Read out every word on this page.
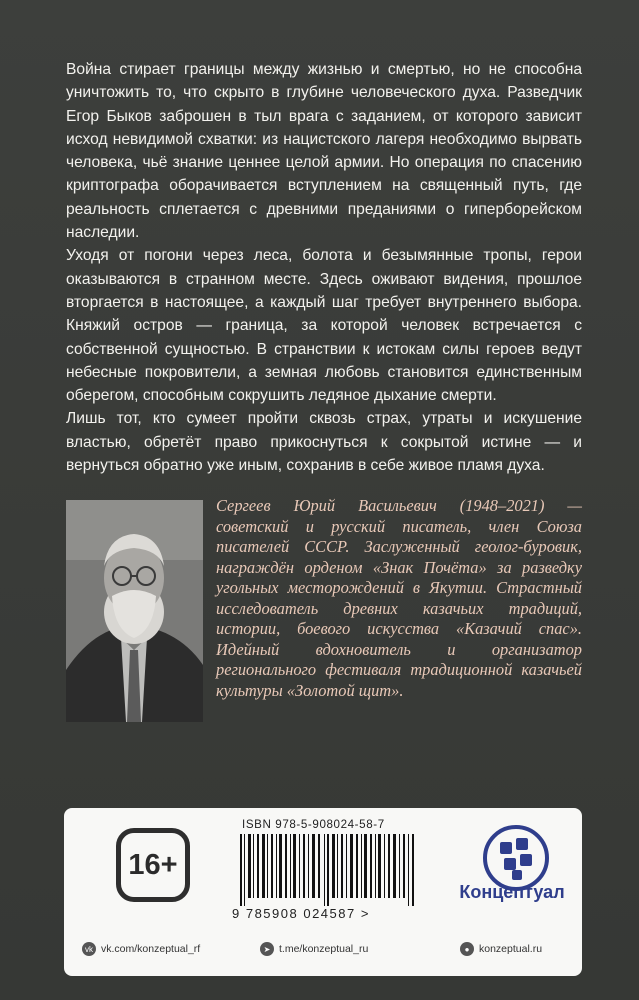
Война стирает границы между жизнью и смертью, но не способна уничтожить то, что скрыто в глубине человеческого духа. Разведчик Егор Быков заброшен в тыл врага с заданием, от которого зависит исход невидимой схватки: из нацистского лагеря необходимо вырвать человека, чьё знание ценнее целой армии. Но операция по спасению криптографа оборачивается вступлением на священный путь, где реальность сплетается с древними преданиями о гиперборейском наследии.

Уходя от погони через леса, болота и безымянные тропы, герои оказываются в странном месте. Здесь оживают видения, прошлое вторгается в настоящее, а каждый шаг требует внутреннего выбора. Княжий остров — граница, за которой человек встречается с собственной сущностью. В странствии к истокам силы героев ведут небесные покровители, а земная любовь становится единственным оберегом, способным сокрушить ледяное дыхание смерти.

Лишь тот, кто сумеет пройти сквозь страх, утраты и искушение властью, обретёт право прикоснуться к сокрытой истине — и вернуться обратно уже иным, сохранив в себе живое пламя духа.

Сергеев Юрий Васильевич (1948–2021) — советский и русский писатель, член Союза писателей СССР. Заслуженный геолог-буровик, награждён орденом «Знак Почёта» за разведку угольных месторождений в Якутии. Страстный исследователь древних казачьих традиций, истории, боевого искусства «Казачий спас». Идейный вдохновитель и организатор регионального фестиваля традиционной казачьей культуры «Золотой щит».
16+
ISBN 978-5-908024-58-7
9 785908 024587 >
Концептуал
vk vk.com/konzeptual_rf	➤ t.me/konzeptual_ru	● konzeptual.ru
